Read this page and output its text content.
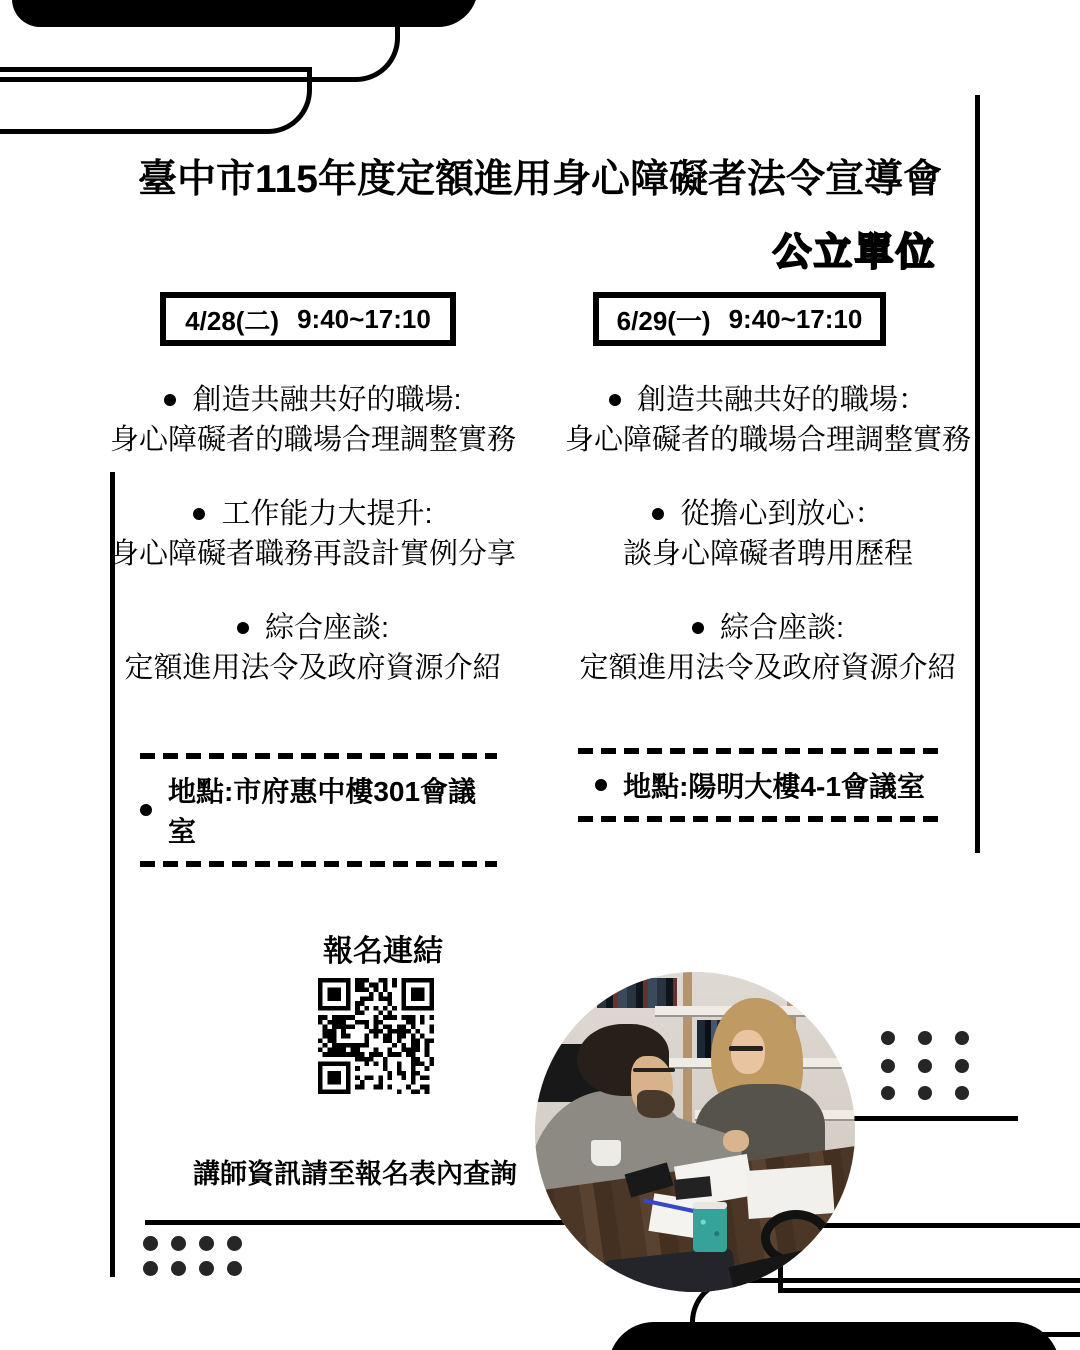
臺中市115年度定額進用身心障礙者法令宣導會
公立單位
4/28(二) 9:40~17:10	6/29(一) 9:40~17:10
創造共融共好的職場:
身心障礙者的職場合理調整實務
工作能力大提升:
身心障礙者職務再設計實例分享
綜合座談:
定額進用法令及政府資源介紹
創造共融共好的職場：
身心障礙者的職場合理調整實務
從擔心到放心：
談身心障礙者聘用歷程
綜合座談:
定額進用法令及政府資源介紹
地點:市府惠中樓301會議室
地點:陽明大樓4-1會議室
報名連結
講師資訊請至報名表內查詢
